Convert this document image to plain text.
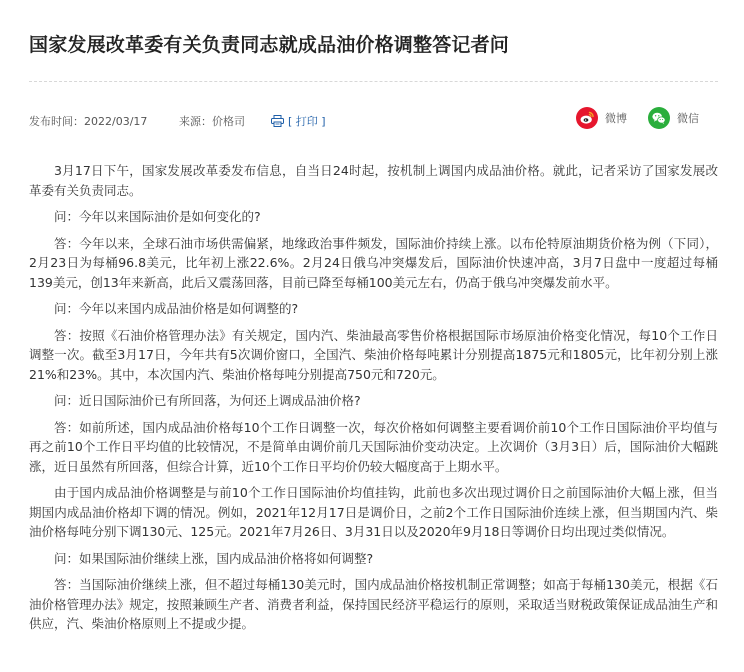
国家发展改革委有关负责同志就成品油价格调整答记者问
发布时间：2022/03/17	来源：价格司	[ 打印 ]	微博	微信

3月17日下午，国家发展改革委发布信息，自当日24时起，按机制上调国内成品油价格。就此，记者采访了国家发展改革委有关负责同志。

问：今年以来国际油价是如何变化的?

答：今年以来，全球石油市场供需偏紧，地缘政治事件频发，国际油价持续上涨。以布伦特原油期货价格为例（下同），2月23日为每桶96.8美元，比年初上涨22.6%。2月24日俄乌冲突爆发后，国际油价快速冲高，3月7日盘中一度超过每桶139美元，创13年来新高，此后又震荡回落，目前已降至每桶100美元左右，仍高于俄乌冲突爆发前水平。

问：今年以来国内成品油价格是如何调整的?

答：按照《石油价格管理办法》有关规定，国内汽、柴油最高零售价格根据国际市场原油价格变化情况，每10个工作日调整一次。截至3月17日，今年共有5次调价窗口，全国汽、柴油价格每吨累计分别提高1875元和1805元，比年初分别上涨21%和23%。其中，本次国内汽、柴油价格每吨分别提高750元和720元。

问：近日国际油价已有所回落，为何还上调成品油价格?

答：如前所述，国内成品油价格每10个工作日调整一次，每次价格如何调整主要看调价前10个工作日国际油价平均值与再之前10个工作日平均值的比较情况，不是简单由调价前几天国际油价变动决定。上次调价（3月3日）后，国际油价大幅跳涨，近日虽然有所回落，但综合计算，近10个工作日平均价仍较大幅度高于上期水平。

由于国内成品油价格调整是与前10个工作日国际油价均值挂钩，此前也多次出现过调价日之前国际油价大幅上涨，但当期国内成品油价格却下调的情况。例如，2021年12月17日是调价日，之前2个工作日国际油价连续上涨，但当期国内汽、柴油价格每吨分别下调130元、125元。2021年7月26日、3月31日以及2020年9月18日等调价日均出现过类似情况。

问：如果国际油价继续上涨，国内成品油价格将如何调整?

答：当国际油价继续上涨，但不超过每桶130美元时，国内成品油价格按机制正常调整；如高于每桶130美元，根据《石油价格管理办法》规定，按照兼顾生产者、消费者利益，保持国民经济平稳运行的原则，采取适当财税政策保证成品油生产和供应，汽、柴油价格原则上不提或少提。
